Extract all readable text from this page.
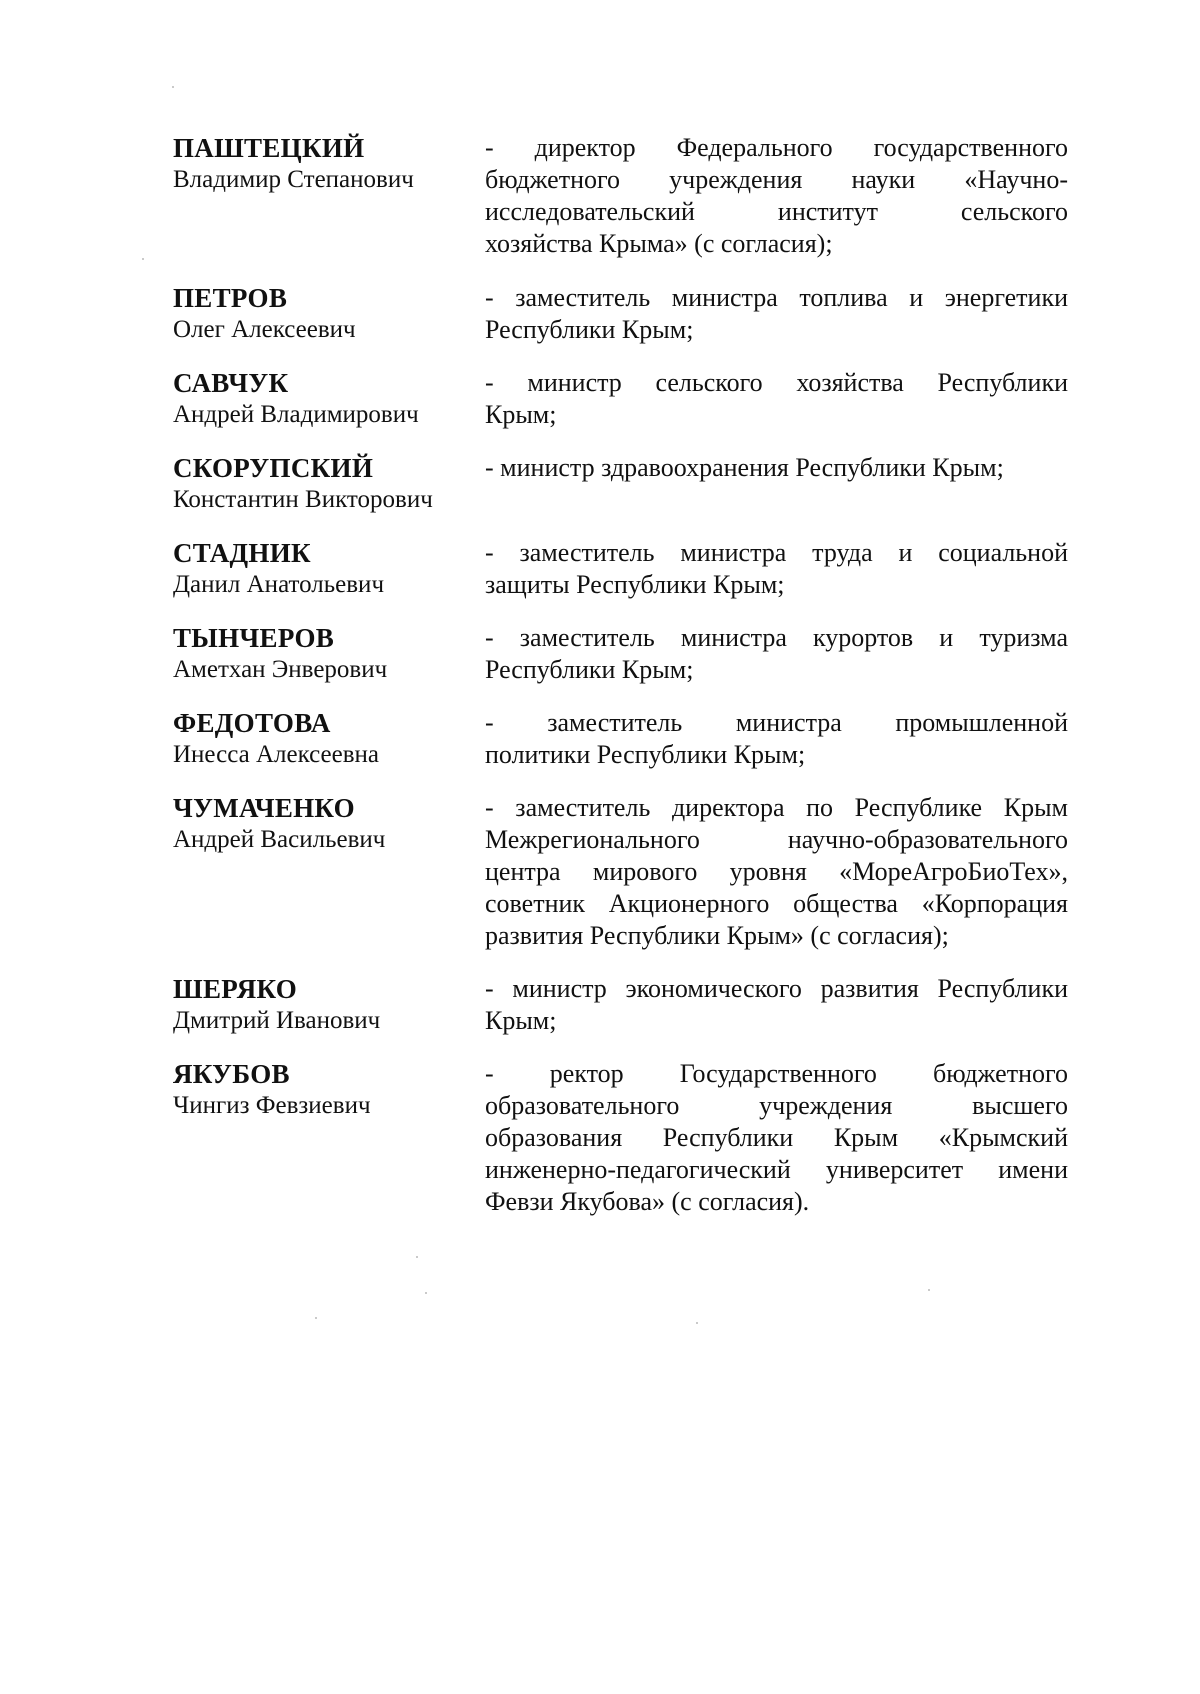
ПАШТЕЦКИЙ
Владимир Степанович
- директор Федерального государственного
бюджетного учреждения науки «Научно-
исследовательский институт сельского
хозяйства Крыма» (с согласия);
ПЕТРОВ
Олег Алексеевич
- заместитель министра топлива и энергетики
Республики Крым;
САВЧУК
Андрей Владимирович
- министр сельского хозяйства Республики
Крым;
СКОРУПСКИЙ
Константин Викторович
- министр здравоохранения Республики Крым;
СТАДНИК
Данил Анатольевич
- заместитель министра труда и социальной
защиты Республики Крым;
ТЫНЧЕРОВ
Аметхан Энверович
- заместитель министра курортов и туризма
Республики Крым;
ФЕДОТОВА
Инесса Алексеевна
- заместитель министра промышленной
политики Республики Крым;
ЧУМАЧЕНКО
Андрей Васильевич
- заместитель директора по Республике Крым
Межрегионального научно-образовательного
центра мирового уровня «МореАгроБиоТех»,
советник Акционерного общества «Корпорация
развития Республики Крым» (с согласия);
ШЕРЯКО
Дмитрий Иванович
- министр экономического развития Республики
Крым;
ЯКУБОВ
Чингиз Февзиевич
- ректор Государственного бюджетного
образовательного учреждения высшего
образования Республики Крым «Крымский
инженерно-педагогический университет имени
Февзи Якубова» (с согласия).
